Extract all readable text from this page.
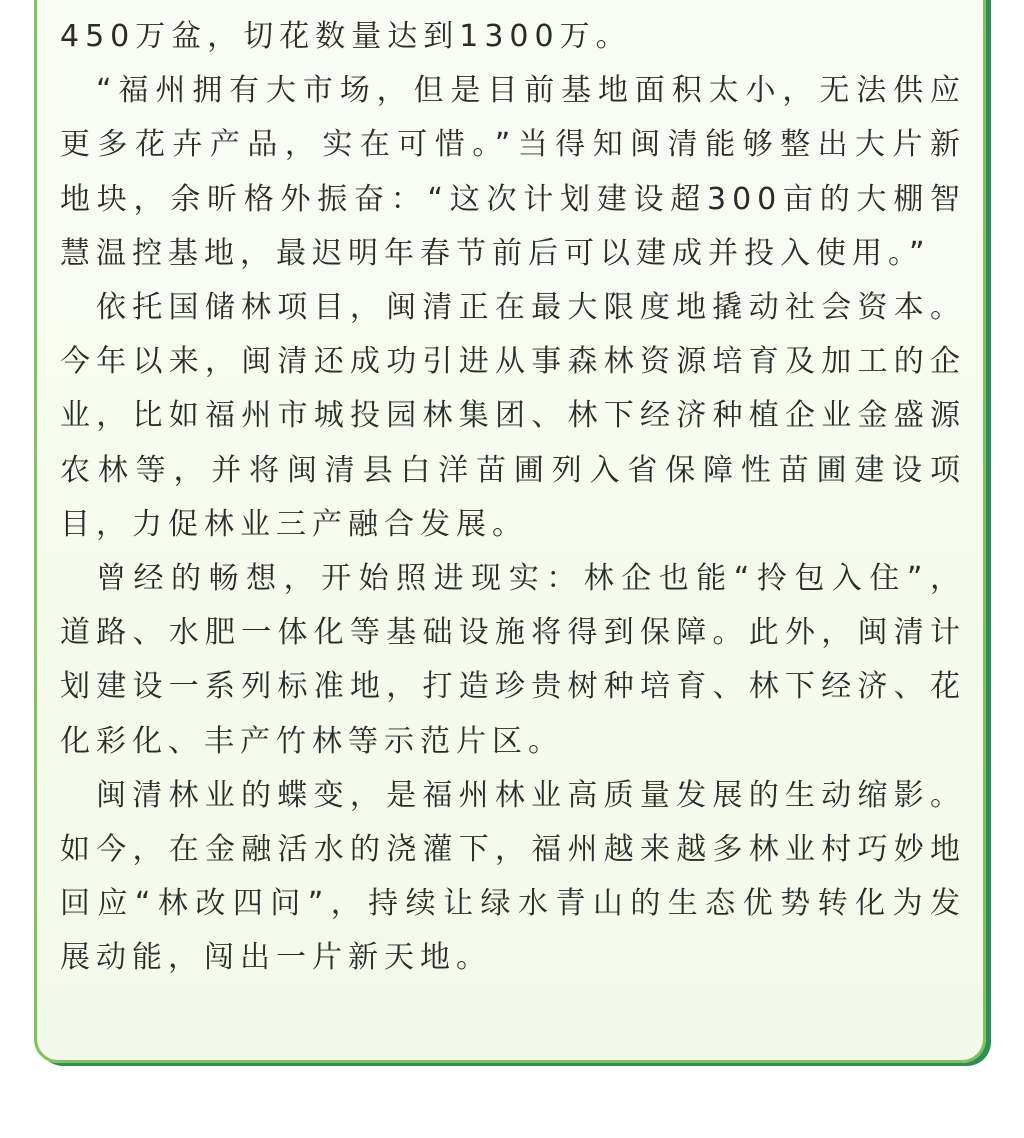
450万盆，切花数量达到1300万。

“福州拥有大市场，但是目前基地面积太小，无法供应更多花卉产品，实在可惜。”当得知闽清能够整出大片新地块，余昕格外振奋：“这次计划建设超300亩的大棚智慧温控基地，最迟明年春节前后可以建成并投入使用。”

依托国储林项目，闽清正在最大限度地撬动社会资本。今年以来，闽清还成功引进从事森林资源培育及加工的企业，比如福州市城投园林集团、林下经济种植企业金盛源农林等，并将闽清县白洋苗圃列入省保障性苗圃建设项目，力促林业三产融合发展。

曾经的畅想，开始照进现实：林企也能“拎包入住”，道路、水肥一体化等基础设施将得到保障。此外，闽清计划建设一系列标准地，打造珍贵树种培育、林下经济、花化彩化、丰产竹林等示范片区。

闽清林业的蝶变，是福州林业高质量发展的生动缩影。如今，在金融活水的浇灌下，福州越来越多林业村巧妙地回应“林改四问”，持续让绿水青山的生态优势转化为发展动能，闯出一片新天地。
